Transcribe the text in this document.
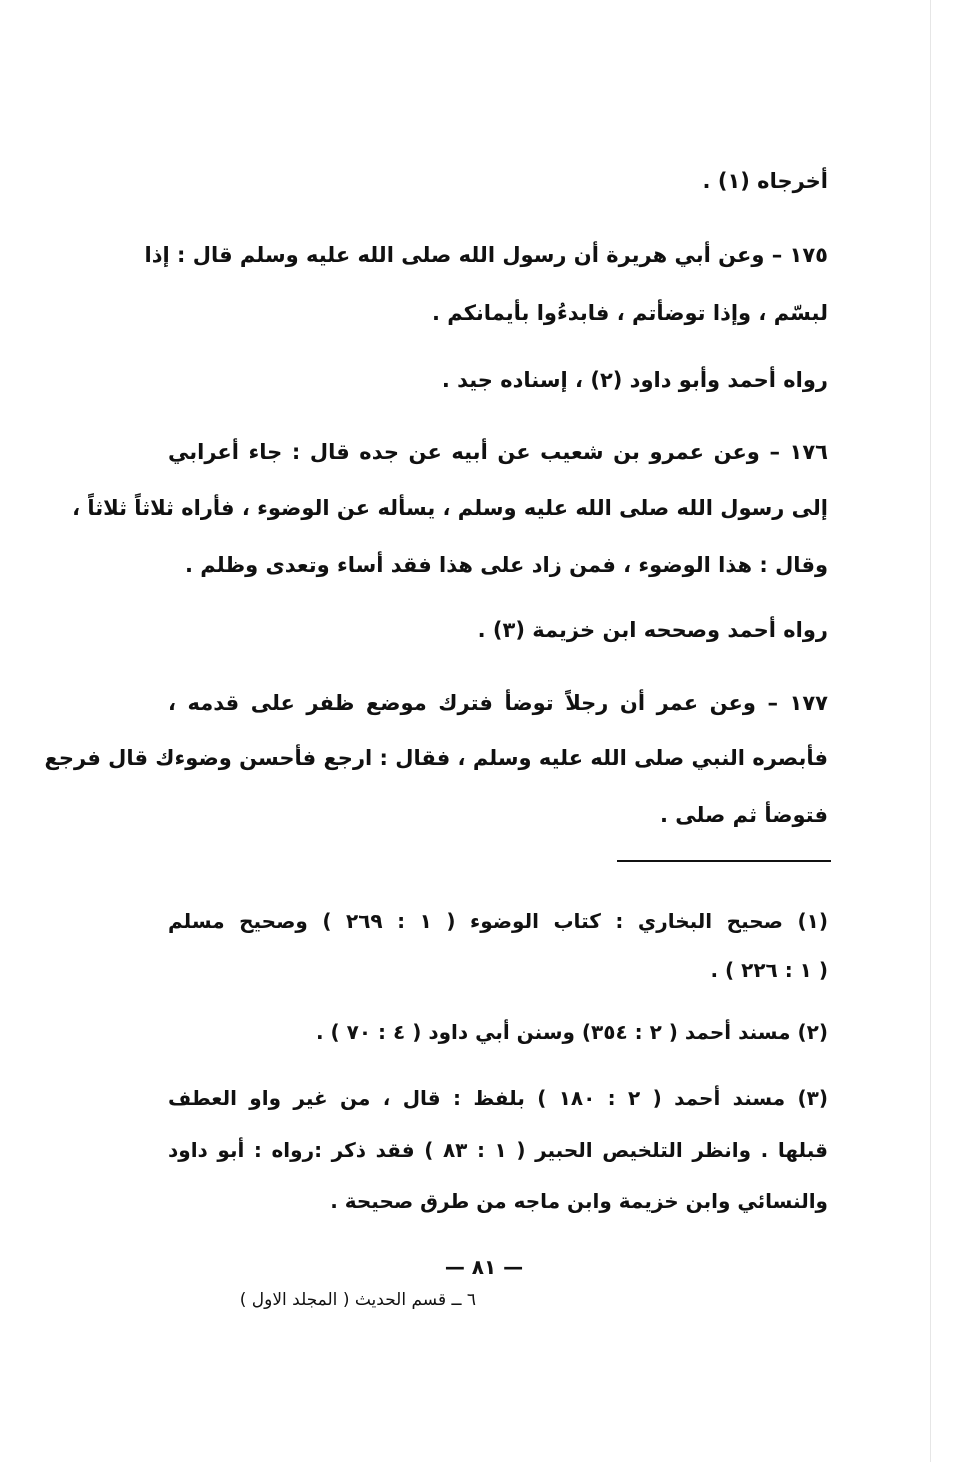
أخرجاه (١) .
١٧٥ – وعن أبي هريرة أن رسول الله صلى الله عليه وسلم قال : إذا
لبسّم ، وإذا توضأتم ، فابدءُوا بأيمانكم .
رواه أحمد وأبو داود (٢) ، إسناده جيد .
١٧٦ – وعن عمرو بن شعيب عن أبيه عن جده قال : جاء أعرابي
إلى رسول الله صلى الله عليه وسلم ، يسأله عن الوضوء ، فأراه ثلاثاً ثلاثاً ،
وقال : هذا الوضوء ، فمن زاد على هذا فقد أساء وتعدى وظلم .
رواه أحمد وصححه ابن خزيمة (٣) .
١٧٧ – وعن عمر أن رجلاً توضأ فترك موضع ظفر على قدمه ،
فأبصره النبي صلى الله عليه وسلم ، فقال : ارجع فأحسن وضوءك قال فرجع
فتوضأ ثم صلى .
(١) صحيح البخاري : كتاب الوضوء ( ١ : ٢٦٩ ) وصحيح مسلم
( ١ : ٢٢٦ ) .
(٢) مسند أحمد ( ٢ : ٣٥٤) وسنن أبي داود ( ٤ : ٧٠ ) .
(٣) مسند أحمد ( ٢ : ١٨٠ ) بلفظ : قال ، من غير واو العطف
قبلها . وانظر التلخيص الحبير ( ١ : ٨٣ ) فقد ذكر :رواه : أبو داود
والنسائي وابن خزيمة وابن ماجه من طرق صحيحة .
— ٨١ —
٦ ــ قسم الحديث ( المجلد الاول )
